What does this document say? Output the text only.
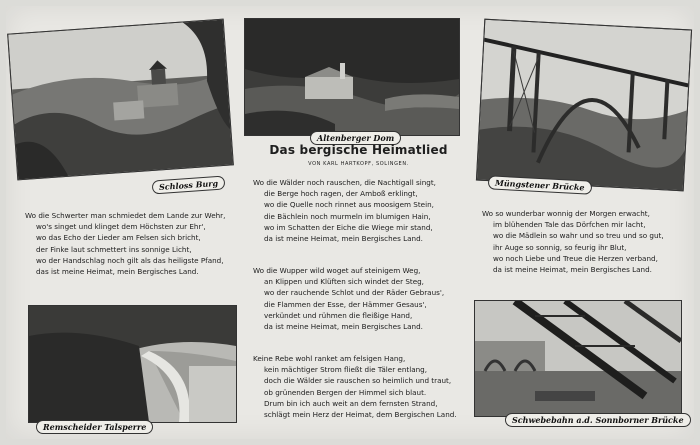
Schloss Burg
Altenberger Dom
Müngstener Brücke
Remscheider Talsperre
Schwebebahn a.d. Sonnborner Brücke
Das bergische Heimatlied
VON KARL HARTKOPF, SOLINGEN.
Wo die Schwerter man schmiedet dem Lande zur Wehr,
wo's singet und klinget dem Höchsten zur Ehr',
wo das Echo der Lieder am Felsen sich bricht,
der Finke laut schmettert ins sonnige Licht,
wo der Handschlag noch gilt als das heiligste Pfand,
das ist meine Heimat, mein Bergisches Land.
Wo die Wälder noch rauschen, die Nachtigall singt,
die Berge hoch ragen, der Amboß erklingt,
wo die Quelle noch rinnet aus moosigem Stein,
die Bächlein noch murmeln im blumigen Hain,
wo im Schatten der Eiche die Wiege mir stand,
da ist meine Heimat, mein Bergisches Land.
Wo die Wupper wild woget auf steinigem Weg,
an Klippen und Klüften sich windet der Steg,
wo der rauchende Schlot und der Räder Gebraus',
die Flammen der Esse, der Hämmer Gesaus',
verkündet und rühmen die fleißige Hand,
da ist meine Heimat, mein Bergisches Land.
Keine Rebe wohl ranket am felsigen Hang,
kein mächtiger Strom fließt die Täler entlang,
doch die Wälder sie rauschen so heimlich und traut,
ob grünenden Bergen der Himmel sich blaut.
Drum bin ich auch weit an dem fernsten Strand,
schlägt mein Herz der Heimat, dem Bergischen Land.
Wo so wunderbar wonnig der Morgen erwacht,
im blühenden Tale das Dörfchen mir lacht,
wo die Mädlein so wahr und so treu und so gut,
ihr Auge so sonnig, so feurig ihr Blut,
wo noch Liebe und Treue die Herzen verband,
da ist meine Heimat, mein Bergisches Land.
